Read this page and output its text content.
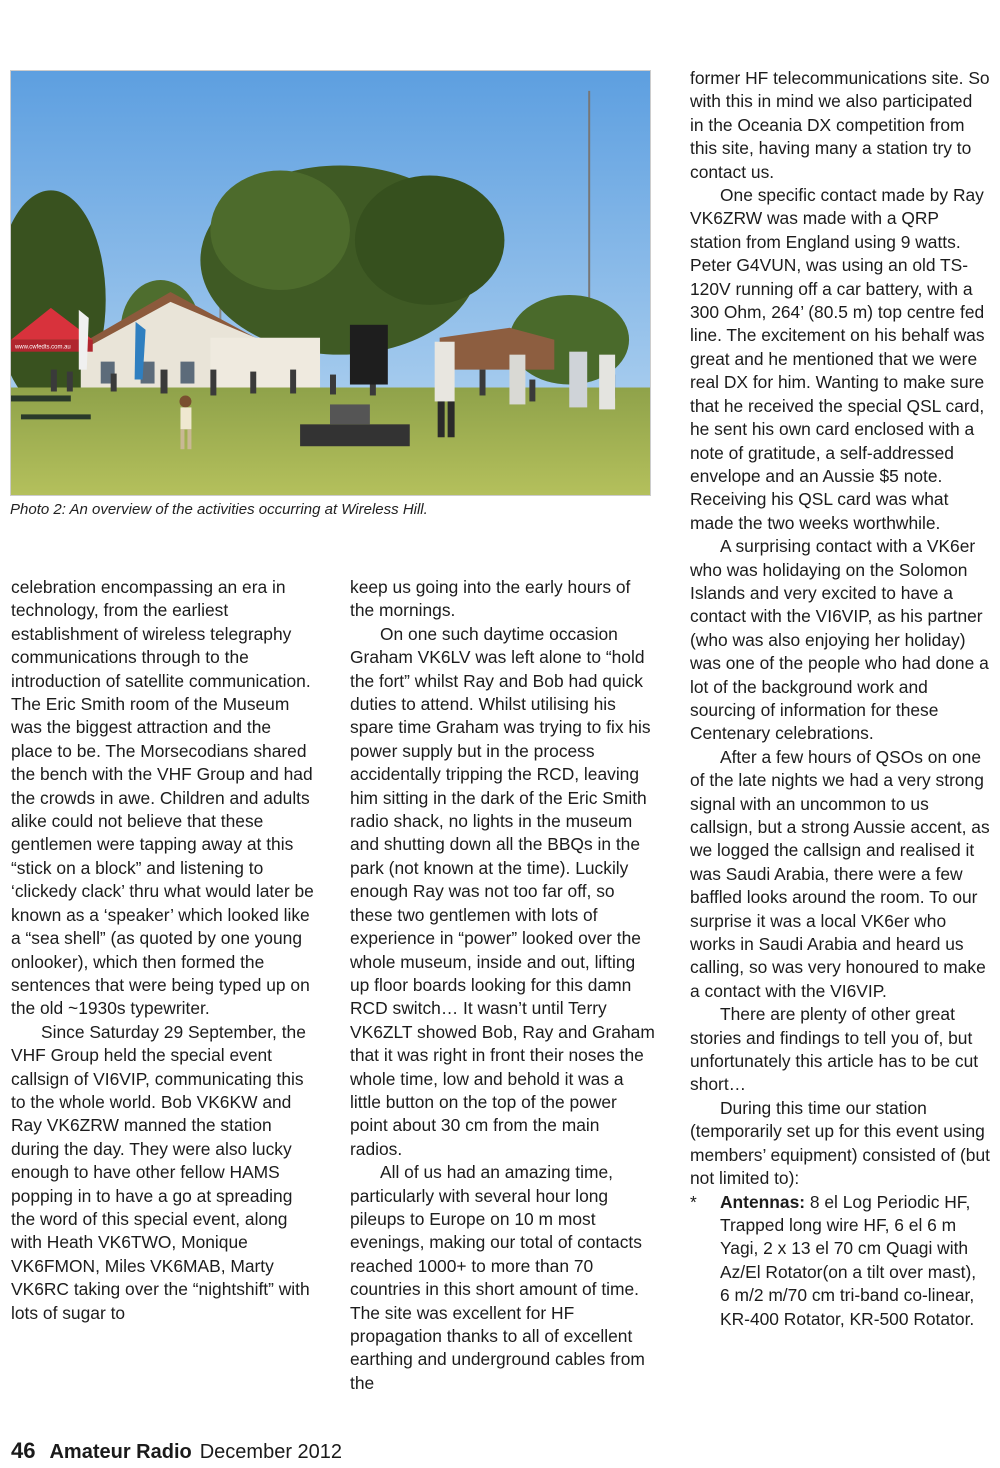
www.cwfedts.com.au
Photo 2: An overview of the activities occurring at Wireless Hill.

celebration encompassing an era in technology, from the earliest establishment of wireless telegraphy communications through to the introduction of satellite communication. The Eric Smith room of the Museum was the biggest attraction and the place to be. The Morsecodians shared the bench with the VHF Group and had the crowds in awe. Children and adults alike could not believe that these gentlemen were tapping away at this “stick on a block” and listening to ‘clickedy clack’ thru what would later be known as a ‘speaker’ which looked like a “sea shell” (as quoted by one young onlooker), which then formed the sentences that were being typed up on the old ~1930s typewriter.

Since Saturday 29 September, the VHF Group held the special event callsign of VI6VIP, communicating this to the whole world. Bob VK6KW and Ray VK6ZRW manned the station during the day. They were also lucky enough to have other fellow HAMS popping in to have a go at spreading the word of this special event, along with Heath VK6TWO, Monique VK6FMON, Miles VK6MAB, Marty VK6RC taking over the “nightshift” with lots of sugar to

keep us going into the early hours of the mornings.

On one such daytime occasion Graham VK6LV was left alone to “hold the fort” whilst Ray and Bob had quick duties to attend. Whilst utilising his spare time Graham was trying to fix his power supply but in the process accidentally tripping the RCD, leaving him sitting in the dark of the Eric Smith radio shack, no lights in the museum and shutting down all the BBQs in the park (not known at the time). Luckily enough Ray was not too far off, so these two gentlemen with lots of experience in “power” looked over the whole museum, inside and out, lifting up floor boards looking for this damn RCD switch… It wasn’t until Terry VK6ZLT showed Bob, Ray and Graham that it was right in front their noses the whole time, low and behold it was a little button on the top of the power point about 30 cm from the main radios.

All of us had an amazing time, particularly with several hour long pileups to Europe on 10 m most evenings, making our total of contacts reached 1000+ to more than 70 countries in this short amount of time. The site was excellent for HF propagation thanks to all of excellent earthing and underground cables from the

former HF telecommunications site. So with this in mind we also participated in the Oceania DX competition from this site, having many a station try to contact us.

One specific contact made by Ray VK6ZRW was made with a QRP station from England using 9 watts. Peter G4VUN, was using an old TS-120V running off a car battery, with a 300 Ohm, 264’ (80.5 m) top centre fed line. The excitement on his behalf was great and he mentioned that we were real DX for him. Wanting to make sure that he received the special QSL card, he sent his own card enclosed with a note of gratitude, a self-addressed envelope and an Aussie $5 note. Receiving his QSL card was what made the two weeks worthwhile.

A surprising contact with a VK6er who was holidaying on the Solomon Islands and very excited to have a contact with the VI6VIP, as his partner (who was also enjoying her holiday) was one of the people who had done a lot of the background work and sourcing of information for these Centenary celebrations.

After a few hours of QSOs on one of the late nights we had a very strong signal with an uncommon to us callsign, but a strong Aussie accent, as we logged the callsign and realised it was Saudi Arabia, there were a few baffled looks around the room. To our surprise it was a local VK6er who works in Saudi Arabia and heard us calling, so was very honoured to make a contact with the VI6VIP.

There are plenty of other great stories and findings to tell you of, but unfortunately this article has to be cut short…

During this time our station (temporarily set up for this event using members’ equipment) consisted of (but not limited to):

* Antennas: 8 el Log Periodic HF, Trapped long wire HF, 6 el 6 m Yagi, 2 x 13 el 70 cm Quagi with Az/El Rotator(on a tilt over mast), 6 m/2 m/70 cm tri-band co-linear, KR-400 Rotator, KR-500 Rotator.
46 Amateur Radio December 2012
